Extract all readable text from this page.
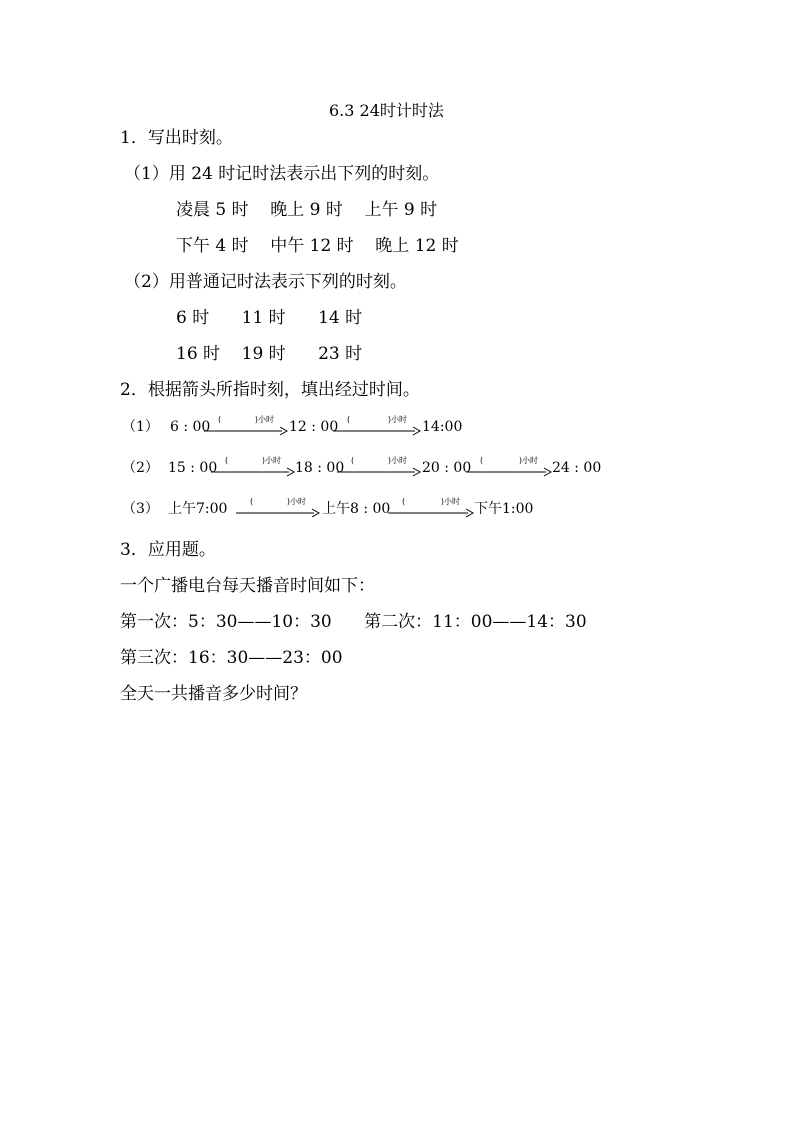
6.3 24时计时法
1．写出时刻。
（1）用 24 时记时法表示出下列的时刻。
凌晨 5 时    晚上 9 时    上午 9 时
下午 4 时    中午 12 时    晚上 12 时
（2）用普通记时法表示下列的时刻。
6 时      11 时      14 时
16 时    19 时      23 时
2．根据箭头所指时刻，填出经过时间。
（1） 6 : 00 (	)小时 12 : 00 (	)小时 14:00
（2） 15 : 00 (	)小时 18 : 00 (	)小时 20 : 00 (	)小时 24 : 00
（3） 上午7:00	(	)小时 上午8 : 00 (	)小时 下午1:00
3．应用题。
一个广播电台每天播音时间如下：
第一次：5：30——10：30      第二次：11：00——14：30
第三次：16：30——23：00
全天一共播音多少时间？
